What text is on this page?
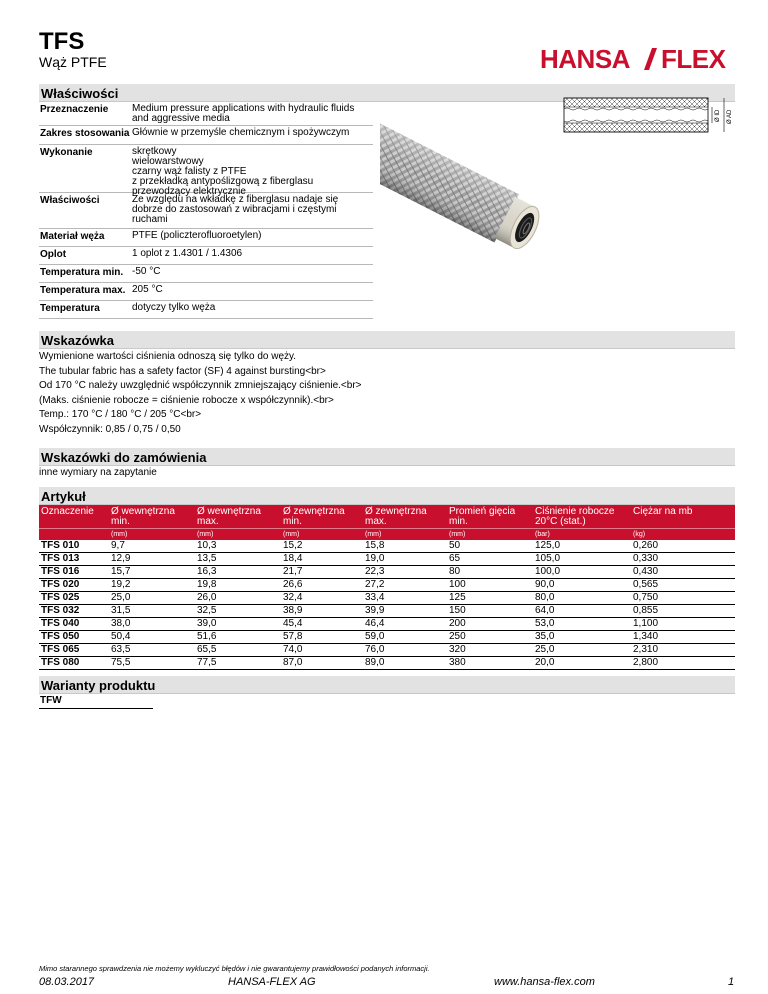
TFS
Wąż PTFE	HANSA FLEX
Właściwości
Przeznaczenie	Medium pressure applications with hydraulic fluids
and aggressive media
Zakres stosowania Głównie w przemyśle chemicznym i spożywczym
Wykonanie	skrętkowy
wielowarstwowy
czarny wąż falisty z PTFE
z przekładką antypoślizgową z fiberglasu
przewodzący elektrycznie
Właściwości	Ze względu na wkładkę z fiberglasu nadaje się
dobrze do zastosowań z wibracjami i częstymi
ruchami
Materiał węża	PTFE (policzterofluoroetylen)
Oplot	1 oplot z 1.4301 / 1.4306
Temperatura min. -50 °C
Temperatura max. 205 °C
Temperatura	dotyczy tylko węża
Ø ID Ø AD
Wskazówka
Wymienione wartości ciśnienia odnoszą się tylko do węży.
The tubular fabric has a safety factor (SF) 4 against bursting<br>
Od 170 °C należy uwzględnić współczynnik zmniejszający ciśnienie.<br>
(Maks. ciśnienie robocze = ciśnienie robocze x współczynnik).<br>
Temp.: 170 °C / 180 °C / 205 °C<br>
Współczynnik: 0,85 / 0,75 / 0,50
Wskazówki do zamówienia
inne wymiary na zapytanie
Artykuł
Oznaczenie	Ø wewnętrzna min.	Ø wewnętrzna max.	Ø zewnętrzna min.	Ø zewnętrzna max.	Promień gięcia min.	Ciśnienie robocze 20°C (stat.)	Ciężar na mb
	(mm)	(mm)	(mm)	(mm)	(mm)	(bar)	(kg)
TFS 010	9,7	10,3	15,2	15,8	50	125,0	0,260
TFS 013	12,9	13,5	18,4	19,0	65	105,0	0,330
TFS 016	15,7	16,3	21,7	22,3	80	100,0	0,430
TFS 020	19,2	19,8	26,6	27,2	100	90,0	0,565
TFS 025	25,0	26,0	32,4	33,4	125	80,0	0,750
TFS 032	31,5	32,5	38,9	39,9	150	64,0	0,855
TFS 040	38,0	39,0	45,4	46,4	200	53,0	1,100
TFS 050	50,4	51,6	57,8	59,0	250	35,0	1,340
TFS 065	63,5	65,5	74,0	76,0	320	25,0	2,310
TFS 080	75,5	77,5	87,0	89,0	380	20,0	2,800
Warianty produktu
TFW
Mimo starannego sprawdzenia nie możemy wykluczyć błędów i nie gwarantujemy prawidłowości podanych informacji.
08.03.2017	HANSA-FLEX AG	www.hansa-flex.com	1
